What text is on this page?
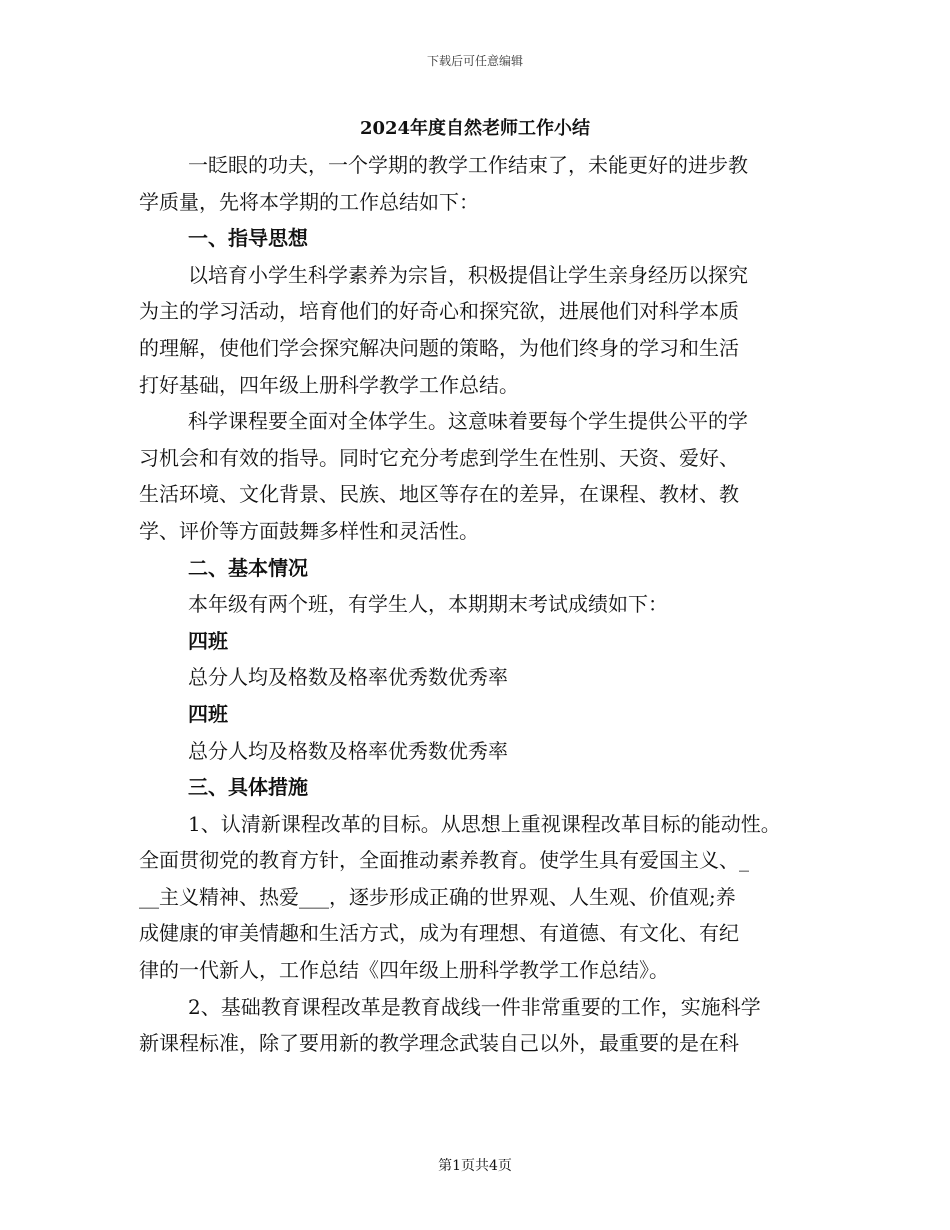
下载后可任意编辑
2024年度自然老师工作小结
一眨眼的功夫，一个学期的教学工作结束了，未能更好的进步教
学质量，先将本学期的工作总结如下：
一、指导思想
以培育小学生科学素养为宗旨，积极提倡让学生亲身经历以探究
为主的学习活动，培育他们的好奇心和探究欲，进展他们对科学本质
的理解，使他们学会探究解决问题的策略，为他们终身的学习和生活
打好基础，四年级上册科学教学工作总结。
科学课程要全面对全体学生。这意味着要每个学生提供公平的学
习机会和有效的指导。同时它充分考虑到学生在性别、天资、爱好、
生活环境、文化背景、民族、地区等存在的差异，在课程、教材、教
学、评价等方面鼓舞多样性和灵活性。
二、基本情况
本年级有两个班，有学生人，本期期末考试成绩如下：
四班
总分人均及格数及格率优秀数优秀率
四班
总分人均及格数及格率优秀数优秀率
三、具体措施
1、认清新课程改革的目标。从思想上重视课程改革目标的能动性。
全面贯彻党的教育方针，全面推动素养教育。使学生具有爱国主义、_
__主义精神、热爱___，逐步形成正确的世界观、人生观、价值观;养
成健康的审美情趣和生活方式，成为有理想、有道德、有文化、有纪
律的一代新人，工作总结《四年级上册科学教学工作总结》。
2、基础教育课程改革是教育战线一件非常重要的工作，实施科学
新课程标准，除了要用新的教学理念武装自己以外，最重要的是在科
第1页共4页
